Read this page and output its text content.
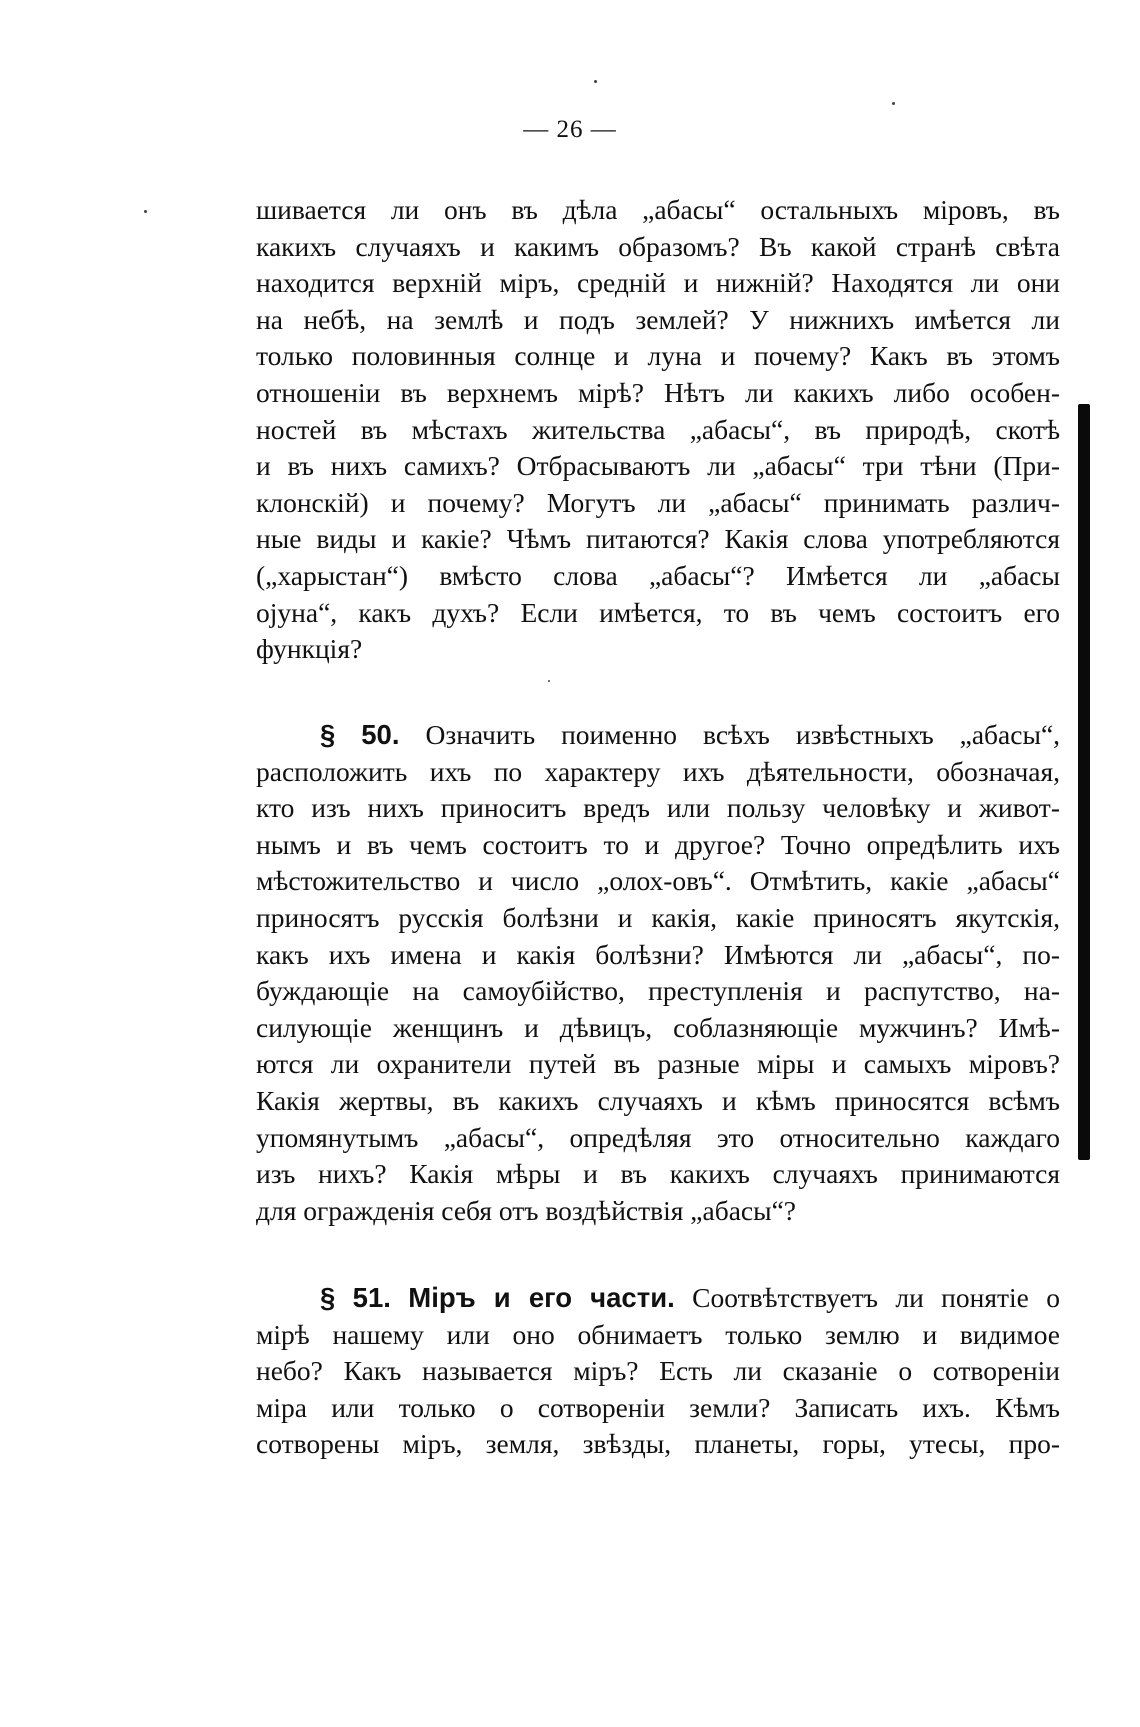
— 26 —
шивается ли онъ въ дѣла „абасы“ остальныхъ міровъ, въ
какихъ случаяхъ и какимъ образомъ? Въ какой странѣ свѣта
находится верхній міръ, средній и нижній? Находятся ли они
на небѣ, на землѣ и подъ землей? У нижнихъ имѣется ли
только половинныя солнце и луна и почему? Какъ въ этомъ
отношеніи въ верхнемъ мірѣ? Нѣтъ ли какихъ либо особен-
ностей въ мѣстахъ жительства „абасы“, въ природѣ, скотѣ
и въ нихъ самихъ? Отбрасываютъ ли „абасы“ три тѣни (При-
клонскій) и почему? Могутъ ли „абасы“ принимать различ-
ные виды и какіе? Чѣмъ питаются? Какія слова употребляются
(„харыстан“) вмѣсто слова „абасы“? Имѣется ли „абасы
ојуна“, какъ духъ? Если имѣется, то въ чемъ состоитъ его
функція?
§ 50. Означить поименно всѣхъ извѣстныхъ „абасы“,
расположить ихъ по характеру ихъ дѣятельности, обозначая,
кто изъ нихъ приноситъ вредъ или пользу человѣку и живот-
нымъ и въ чемъ состоитъ то и другое? Точно опредѣлить ихъ
мѣстожительство и число „олох-овъ“. Отмѣтить, какіе „абасы“
приносятъ русскія болѣзни и какія, какіе приносятъ якутскія,
какъ ихъ имена и какія болѣзни? Имѣются ли „абасы“, по-
буждающіе на самоубійство, преступленія и распутство, на-
силующіе женщинъ и дѣвицъ, соблазняющіе мужчинъ? Имѣ-
ются ли охранители путей въ разные міры и самыхъ міровъ?
Какія жертвы, въ какихъ случаяхъ и кѣмъ приносятся всѣмъ
упомянутымъ „абасы“, опредѣляя это относительно каждаго
изъ нихъ? Какія мѣры и въ какихъ случаяхъ принимаются
для огражденія себя отъ воздѣйствія „абасы“?
§ 51. Міръ и его части. Соотвѣтствуетъ ли понятіе о
мірѣ нашему или оно обнимаетъ только землю и видимое
небо? Какъ называется міръ? Есть ли сказаніе о сотвореніи
міра или только о сотвореніи земли? Записать ихъ. Кѣмъ
сотворены міръ, земля, звѣзды, планеты, горы, утесы, про-
